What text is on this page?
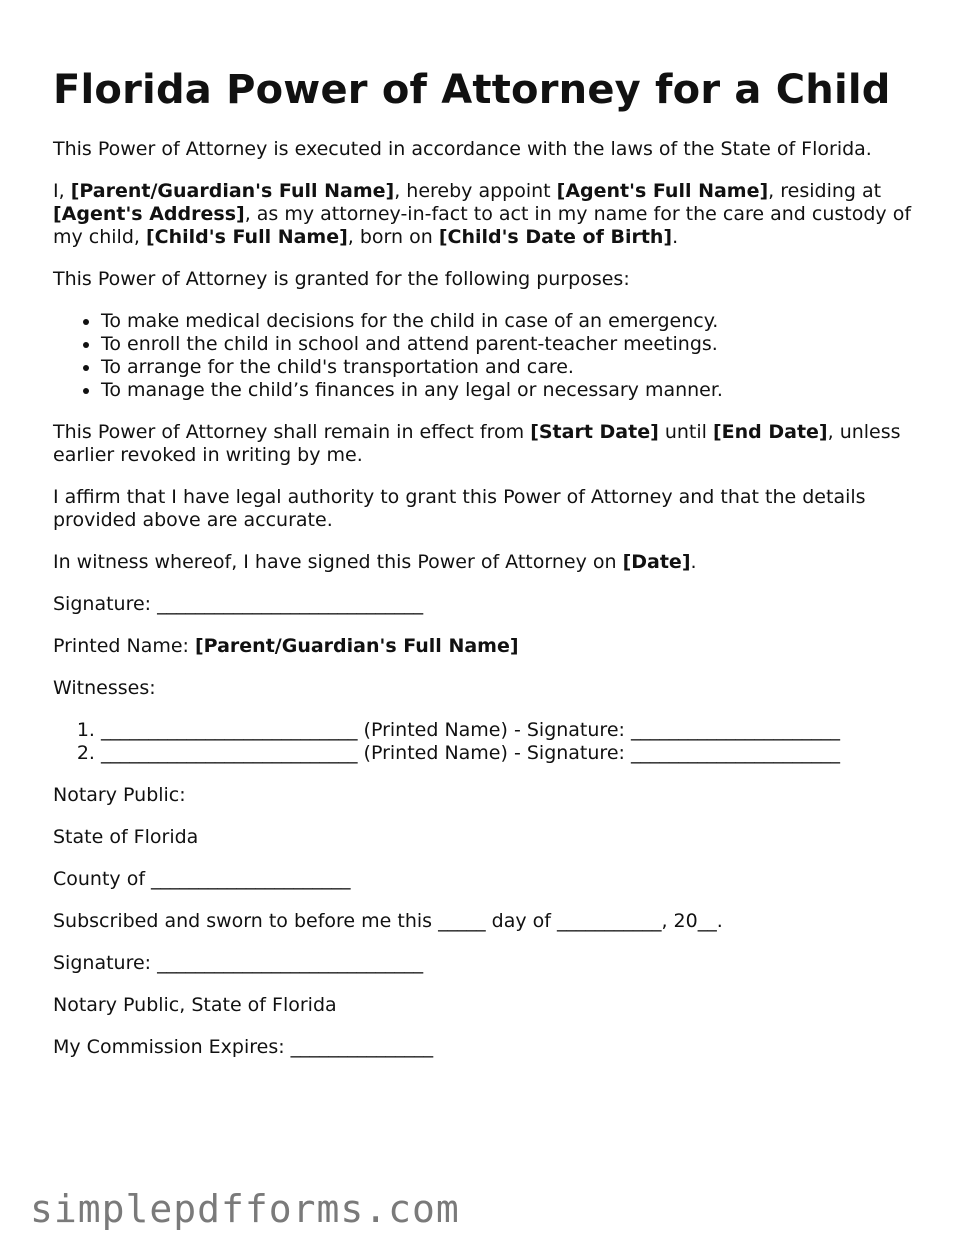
Florida Power of Attorney for a Child

This Power of Attorney is executed in accordance with the laws of the State of Florida.

I, [Parent/Guardian's Full Name], hereby appoint [Agent's Full Name], residing at [Agent's Address], as my attorney-in-fact to act in my name for the care and custody of my child, [Child's Full Name], born on [Child's Date of Birth].

This Power of Attorney is granted for the following purposes:

• To make medical decisions for the child in case of an emergency.
• To enroll the child in school and attend parent-teacher meetings.
• To arrange for the child's transportation and care.
• To manage the child’s finances in any legal or necessary manner.

This Power of Attorney shall remain in effect from [Start Date] until [End Date], unless earlier revoked in writing by me.

I affirm that I have legal authority to grant this Power of Attorney and that the details provided above are accurate.

In witness whereof, I have signed this Power of Attorney on [Date].

Signature: ____________________________

Printed Name: [Parent/Guardian's Full Name]

Witnesses:

1. ___________________________ (Printed Name) - Signature: ______________________
2. ___________________________ (Printed Name) - Signature: ______________________

Notary Public:

State of Florida

County of _____________________

Subscribed and sworn to before me this _____ day of ___________, 20__.

Signature: ____________________________

Notary Public, State of Florida

My Commission Expires: _______________

simplepdfforms.com
